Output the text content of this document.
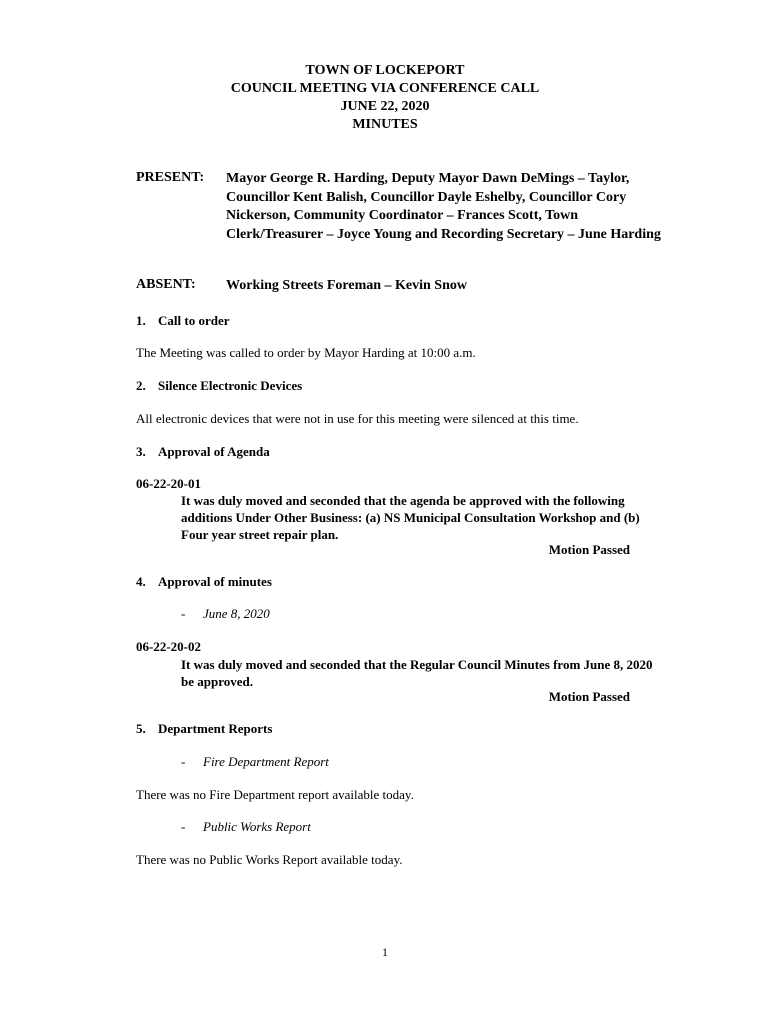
TOWN OF LOCKEPORT
COUNCIL MEETING VIA CONFERENCE CALL
JUNE 22, 2020
MINUTES
PRESENT: Mayor George R. Harding, Deputy Mayor Dawn DeMings – Taylor, Councillor Kent Balish, Councillor Dayle Eshelby, Councillor Cory Nickerson, Community Coordinator – Frances Scott, Town Clerk/Treasurer – Joyce Young and Recording Secretary – June Harding
ABSENT: Working Streets Foreman – Kevin Snow
1. Call to order
The Meeting was called to order by Mayor Harding at 10:00 a.m.
2. Silence Electronic Devices
All electronic devices that were not in use for this meeting were silenced at this time.
3. Approval of Agenda
06-22-20-01
It was duly moved and seconded that the agenda be approved with the following additions Under Other Business: (a) NS Municipal Consultation Workshop and (b) Four year street repair plan.
Motion Passed
4. Approval of minutes
- June 8, 2020
06-22-20-02
It was duly moved and seconded that the Regular Council Minutes from June 8, 2020 be approved.
Motion Passed
5. Department Reports
- Fire Department Report
There was no Fire Department report available today.
- Public Works Report
There was no Public Works Report available today.
1
